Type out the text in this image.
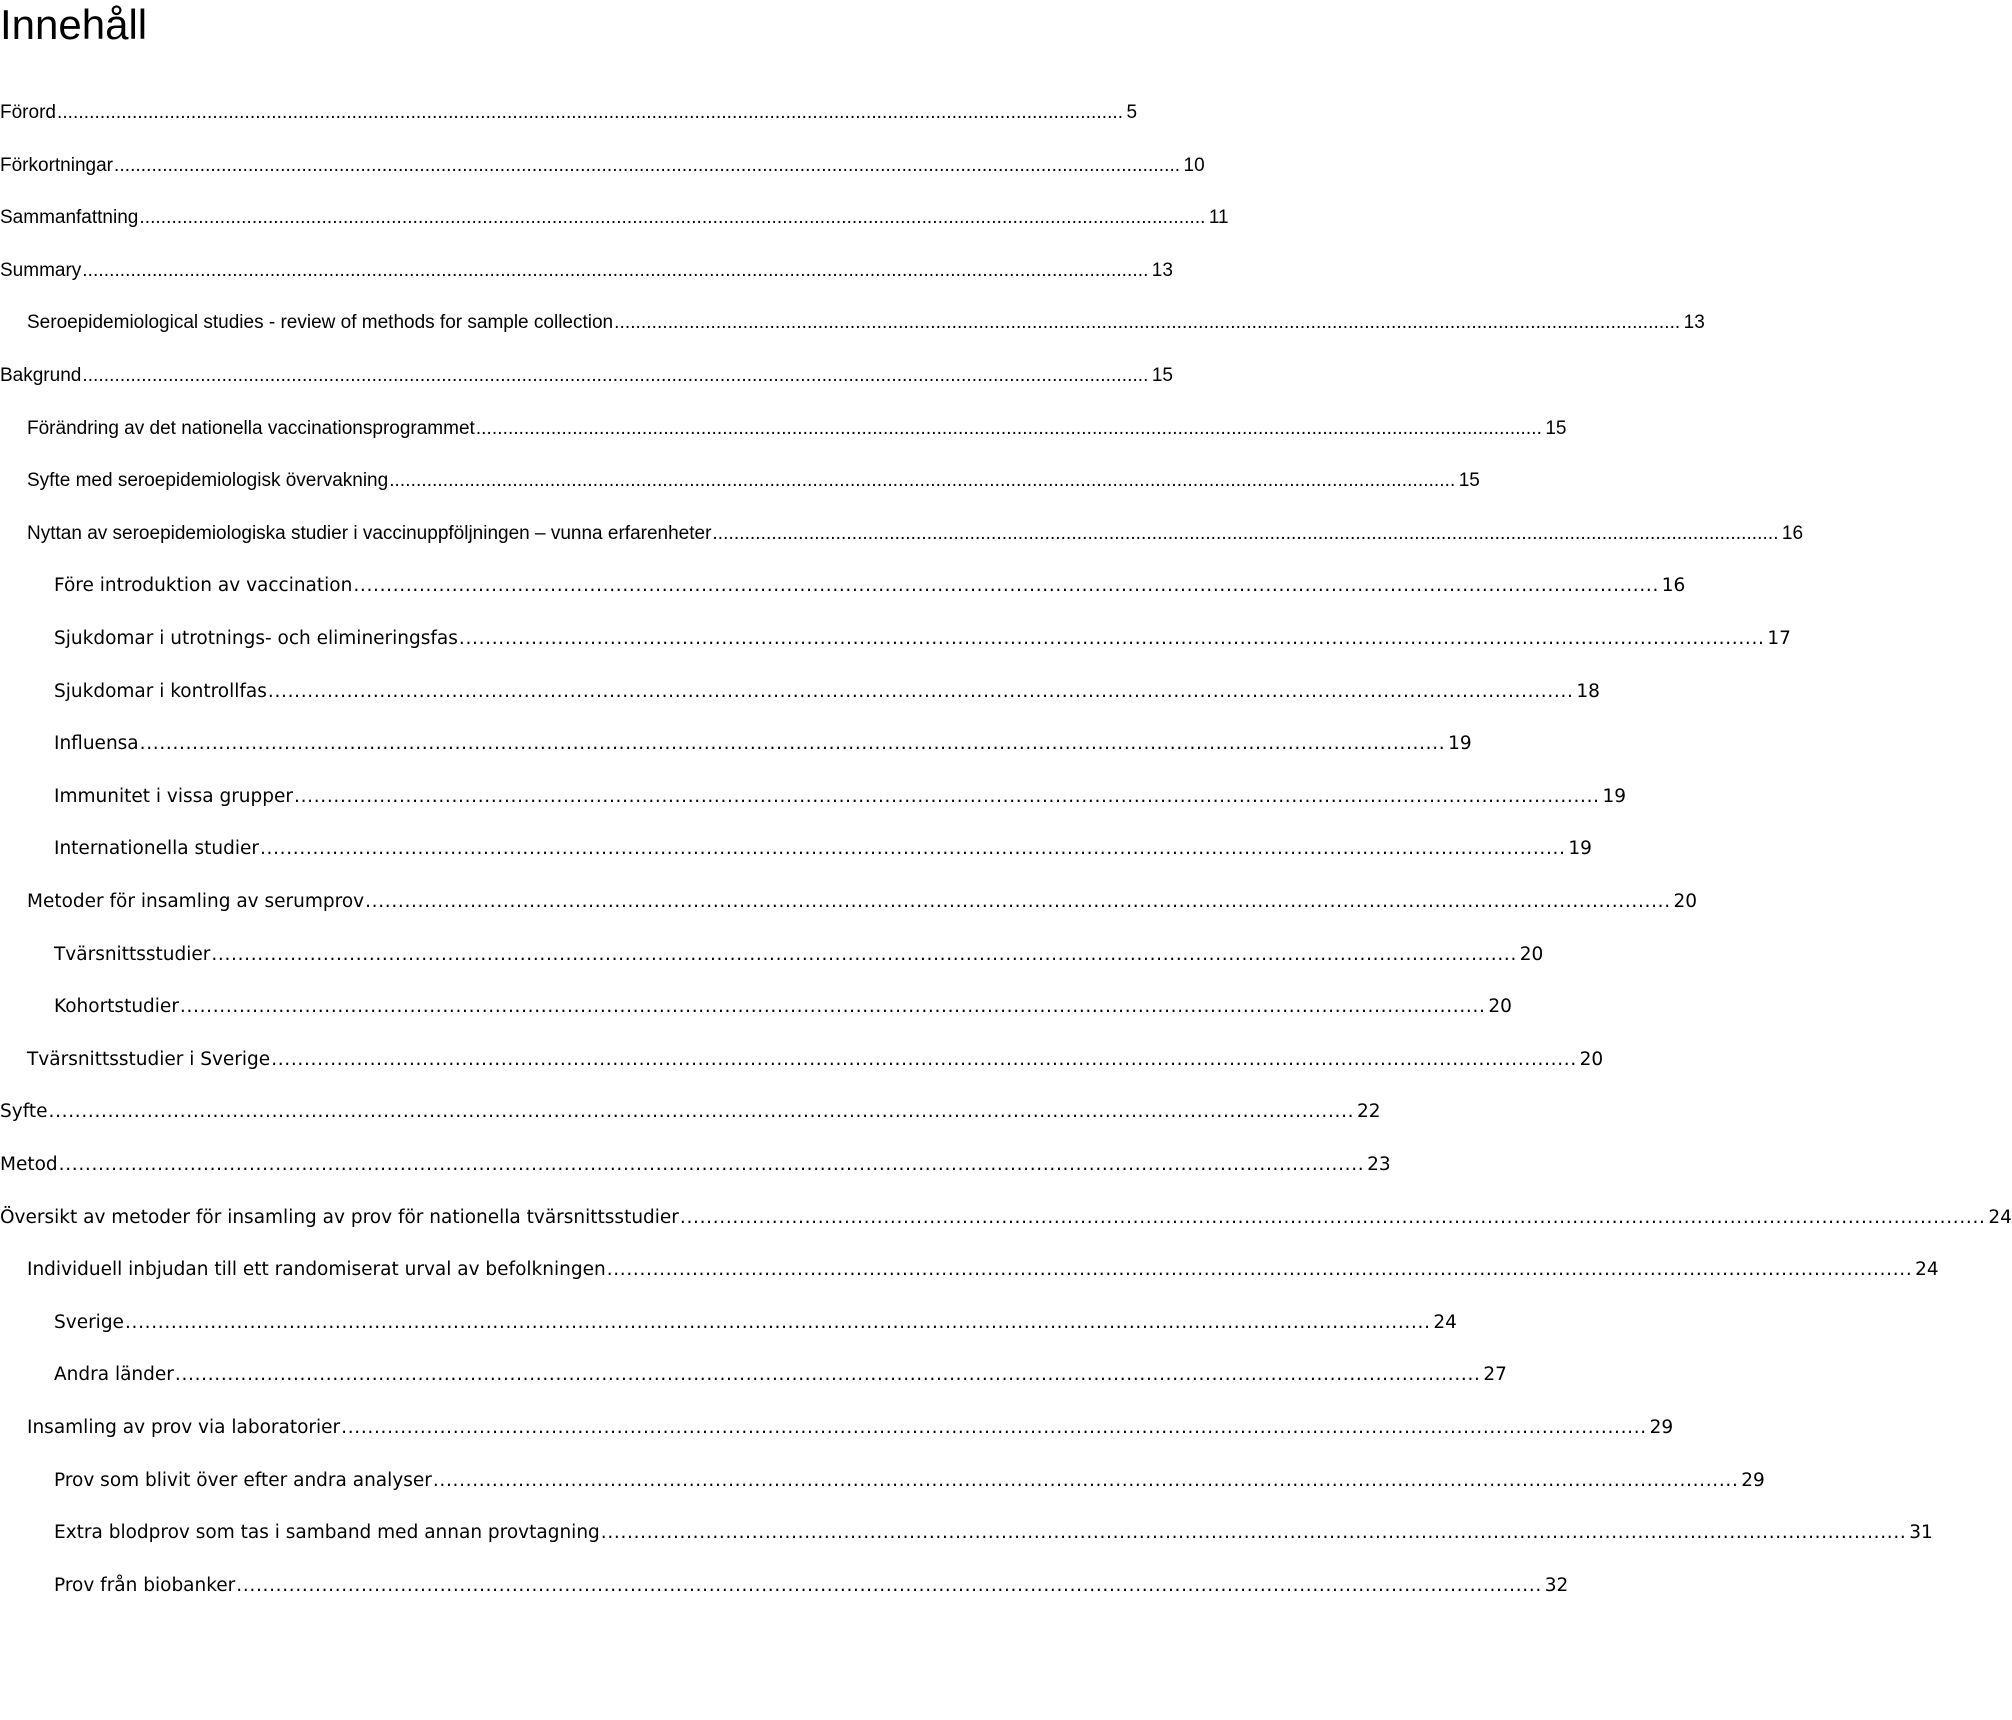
Innehåll
Förord . . .	5
Förkortningar . . .	10
Sammanfattning . . .	11
Summary . . .	13
Seroepidemiological studies - review of methods for sample collection . . .	13
Bakgrund . . .	15
Förändring av det nationella vaccinationsprogrammet . . .	15
Syfte med seroepidemiologisk övervakning . . .	15
Nyttan av seroepidemiologiska studier i vaccinuppföljningen – vunna erfarenheter . . .	16
Före introduktion av vaccination . . .	16
Sjukdomar i utrotnings- och elimineringsfas . . .	17
Sjukdomar i kontrollfas . . .	18
Influensa . . .	19
Immunitet i vissa grupper . . .	19
Internationella studier . . .	19
Metoder för insamling av serumprov . . .	20
Tvärsnittsstudier . . .	20
Kohortstudier . . .	20
Tvärsnittsstudier i Sverige . . .	20
Syfte . . .	22
Metod . . .	23
Översikt av metoder för insamling av prov för nationella tvärsnittsstudier . . .	24
Individuell inbjudan till ett randomiserat urval av befolkningen . . .	24
Sverige . . .	24
Andra länder . . .	27
Insamling av prov via laboratorier . . .	29
Prov som blivit över efter andra analyser . . .	29
Extra blodprov som tas i samband med annan provtagning . . .	31
Prov från biobanker . . .	32
